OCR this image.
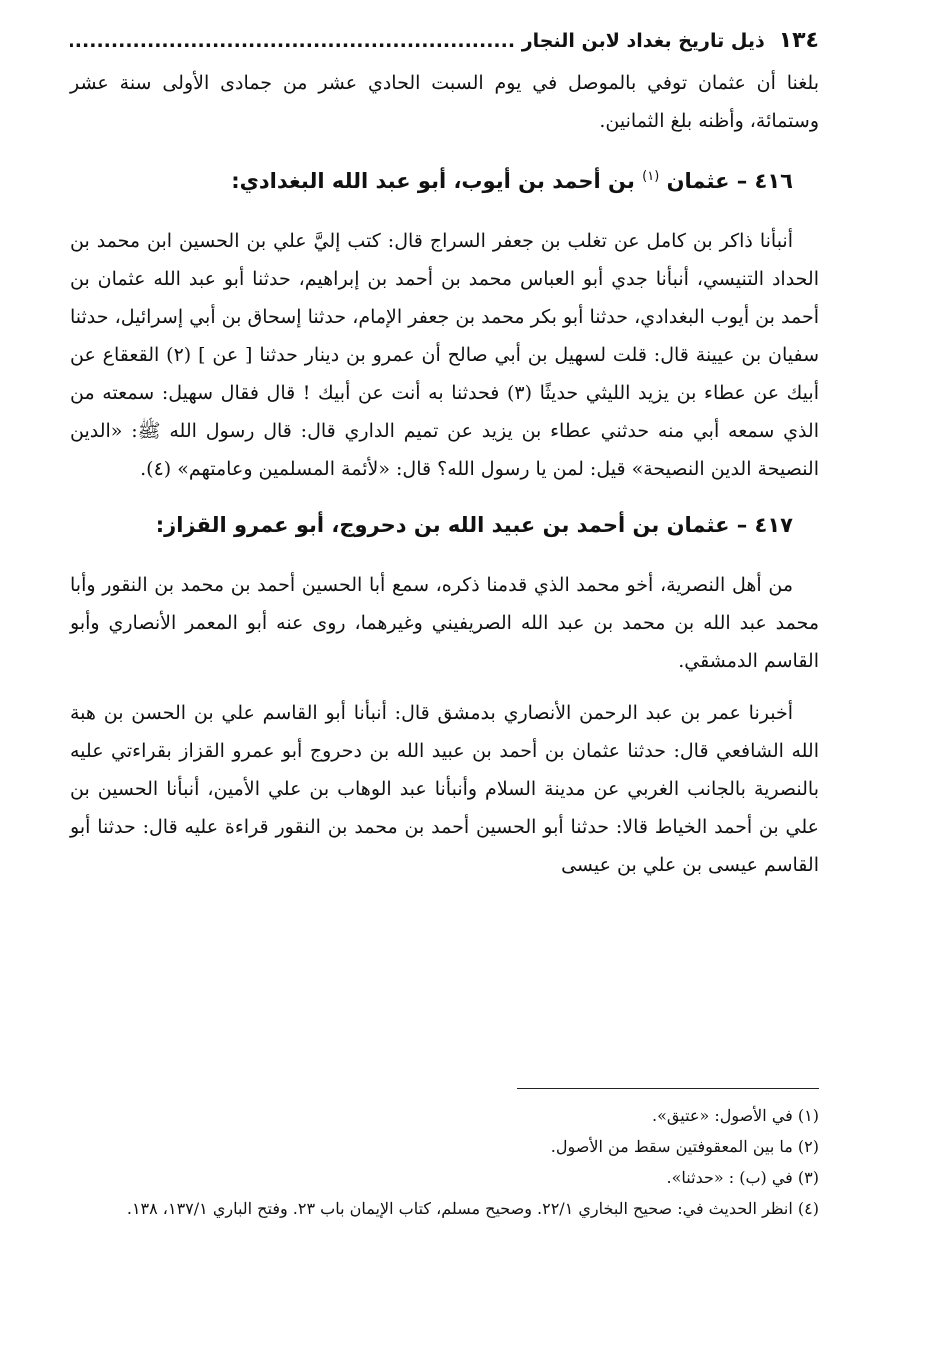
١٣٤
ذيل تاريخ بغداد لابن النجار .....

بلغنا أن عثمان توفي بالموصل في يوم السبت الحادي عشر من جمادى الأولى سنة عشر وستمائة، وأظنه بلغ الثمانين.

٤١٦ – عثمان $^{(١)}$ بن أحمد بن أيوب، أبو عبد الله البغدادي:

أنبأنا ذاكر بن كامل عن تغلب بن جعفر السراج قال: كتب إليَّ علي بن الحسين ابن محمد بن الحداد التنيسي، أنبأنا جدي أبو العباس محمد بن أحمد بن إبراهيم، حدثنا أبو عبد الله عثمان بن أحمد بن أيوب البغدادي، حدثنا أبو بكر محمد بن جعفر الإمام، حدثنا إسحاق بن أبي إسرائيل، حدثنا سفيان بن عيينة قال: قلت لسهيل بن أبي صالح أن عمرو بن دينار حدثنا [ عن ] (٢) القعقاع عن أبيك عن عطاء بن يزيد الليثي حديثًا (٣) فحدثنا به أنت عن أبيك ! قال فقال سهيل: سمعته من الذي سمعه أبي منه حدثني عطاء بن يزيد عن تميم الداري قال: قال رسول الله ﷺ: «الدين النصيحة الدين النصيحة» قيل: لمن يا رسول الله؟ قال: «لأئمة المسلمين وعامتهم» (٤).

٤١٧ – عثمان بن أحمد بن عبيد الله بن دحروج، أبو عمرو القزاز:

من أهل النصرية، أخو محمد الذي قدمنا ذكره، سمع أبا الحسين أحمد بن محمد بن النقور وأبا محمد عبد الله بن محمد بن عبد الله الصريفيني وغيرهما، روى عنه أبو المعمر الأنصاري وأبو القاسم الدمشقي.

أخبرنا عمر بن عبد الرحمن الأنصاري بدمشق قال: أنبأنا أبو القاسم علي بن الحسن بن هبة الله الشافعي قال: حدثنا عثمان بن أحمد بن عبيد الله بن دحروج أبو عمرو القزاز بقراءتي عليه بالنصرية بالجانب الغربي عن مدينة السلام وأنبأنا عبد الوهاب بن علي الأمين، أنبأنا الحسين بن علي بن أحمد الخياط قالا: حدثنا أبو الحسين أحمد بن محمد بن النقور قراءة عليه قال: حدثنا أبو القاسم عيسى بن علي بن عيسى

(١) في الأصول: «عتيق».

(٢) ما بين المعقوفتين سقط من الأصول.

(٣) في (ب) : «حدثنا».

(٤) انظر الحديث في: صحيح البخاري ٢٢/١. وصحيح مسلم، كتاب الإيمان باب ٢٣. وفتح الباري ١٣٧/١، ١٣٨.
